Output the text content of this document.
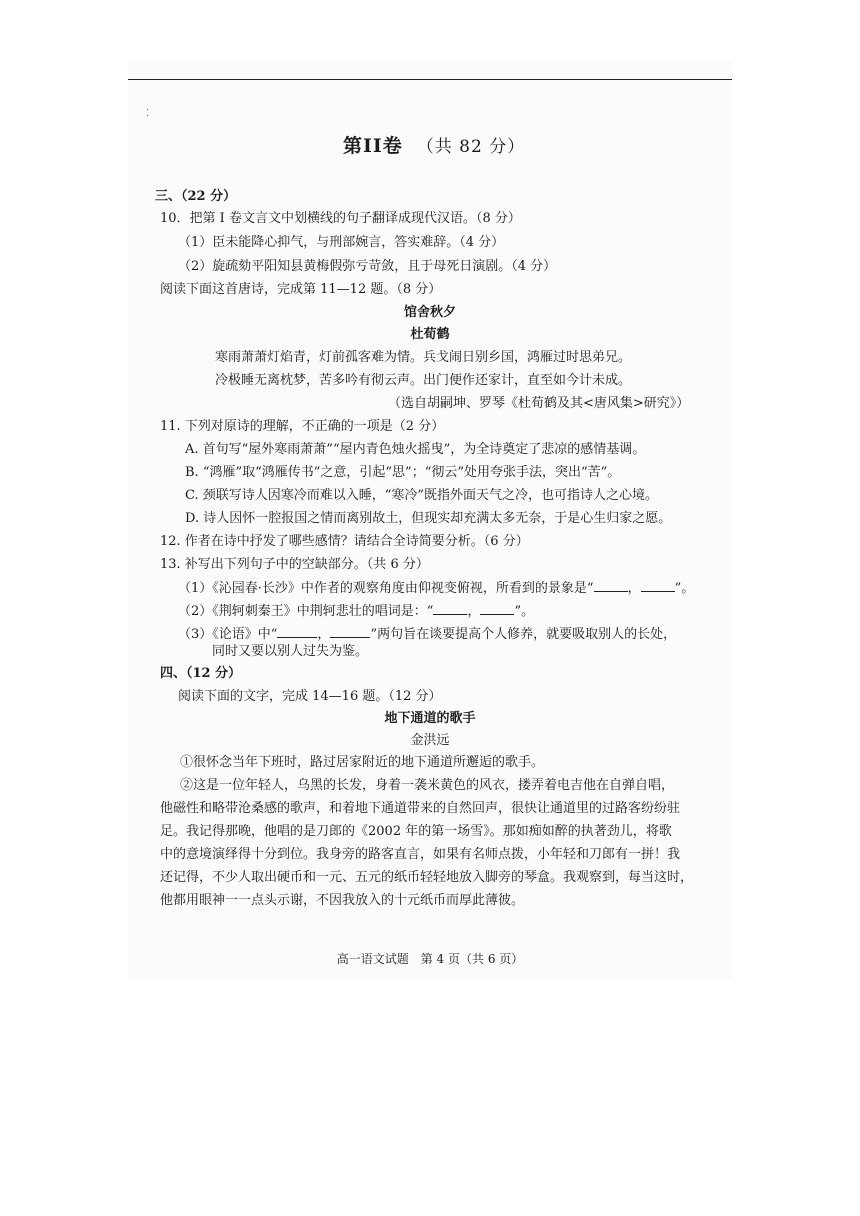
⁚
第II卷 （共 82 分）
三、（22 分）
10．把第 I 卷文言文中划横线的句子翻译成现代汉语。（8 分）
（1）臣未能降心抑气，与刑部婉言，答实难辞。（4 分）
（2）旋疏劾平阳知县黄梅假弥亏苛敛，且于母死日演剧。（4 分）
阅读下面这首唐诗，完成第 11—12 题。（8 分）
馆舍秋夕
杜荀鹤
寒雨萧萧灯焰青，灯前孤客难为情。兵戈闹日别乡国，鸿雁过时思弟兄。
冷极睡无离枕梦，苦多吟有彻云声。出门便作还家计，直至如今计未成。
（选自胡嗣坤、罗琴《杜荀鹤及其<唐风集>研究》）
11. 下列对原诗的理解，不正确的一项是（2 分）
A. 首句写“屋外寒雨萧萧”“屋内青色烛火摇曳”，为全诗奠定了悲凉的感情基调。
B. “鸿雁”取“鸿雁传书”之意，引起“思”；“彻云”处用夸张手法，突出“苦”。
C. 颈联写诗人因寒冷而难以入睡，“寒冷”既指外面天气之冷，也可指诗人之心境。
D. 诗人因怀一腔报国之情而离别故土，但现实却充满太多无奈，于是心生归家之愿。
12. 作者在诗中抒发了哪些感情？请结合全诗简要分析。（6 分）
13. 补写出下列句子中的空缺部分。（共 6 分）
（1）《沁园春·长沙》中作者的观察角度由仰视变俯视，所看到的景象是“	，	”。
（2）《荆轲刺秦王》中荆轲悲壮的唱词是：“	，	”。
（3）《论语》中“	，	”两句旨在谈要提高个人修养，就要吸取别人的长处，
同时又要以别人过失为鉴。
四、（12 分）
阅读下面的文字，完成 14—16 题。（12 分）
地下通道的歌手
金洪远
①很怀念当年下班时，路过居家附近的地下通道所邂逅的歌手。
②这是一位年轻人，乌黑的长发，身着一袭米黄色的风衣，搂弄着电吉他在自弹自唱，
他磁性和略带沧桑感的歌声，和着地下通道带来的自然回声，很快让通道里的过路客纷纷驻
足。我记得那晚，他唱的是刀郎的《2002 年的第一场雪》。那如痴如醉的执著劲儿，将歌
中的意境演绎得十分到位。我身旁的路客直言，如果有名师点拨，小年轻和刀郎有一拼！我
还记得，不少人取出硬币和一元、五元的纸币轻轻地放入脚旁的琴盒。我观察到，每当这时，
他都用眼神一一点头示谢，不因我放入的十元纸币而厚此薄彼。
高一语文试题　第 4 页（共 6 页）
